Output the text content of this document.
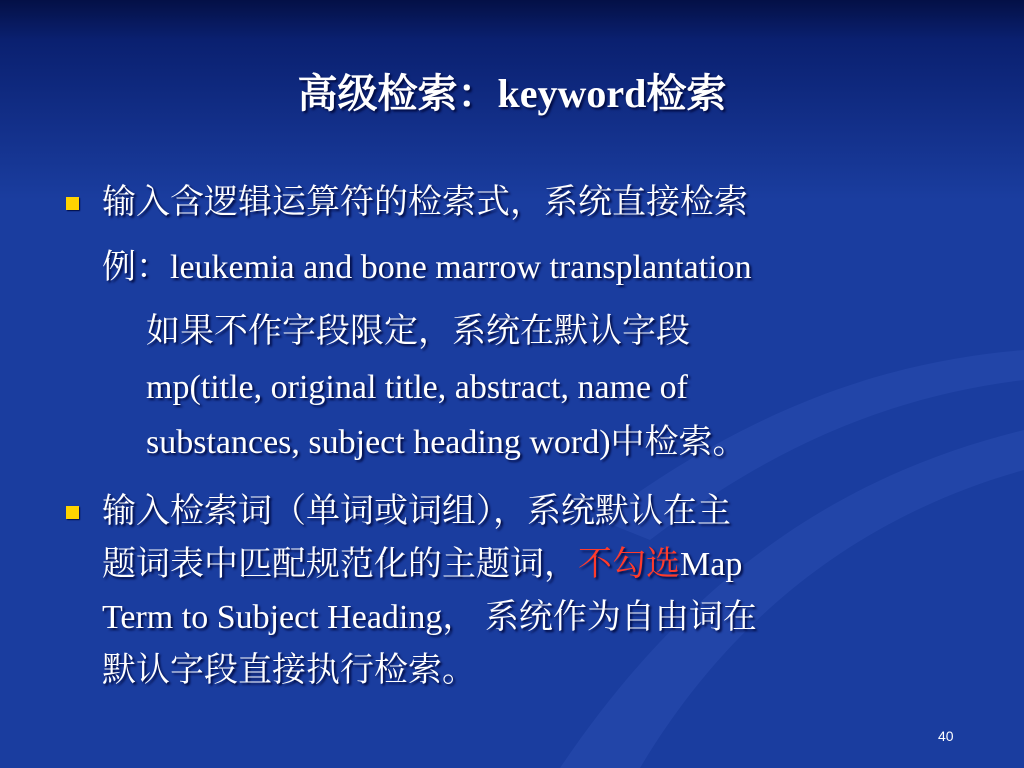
高级检索：keyword检索
输入含逻辑运算符的检索式，系统直接检索
例：leukemia and bone marrow transplantation
如果不作字段限定，系统在默认字段
mp(title, original title, abstract, name of
substances, subject heading word)中检索。
输入检索词（单词或词组），系统默认在主
题词表中匹配规范化的主题词，不勾选Map
Term to Subject Heading， 系统作为自由词在
默认字段直接执行检索。
40
